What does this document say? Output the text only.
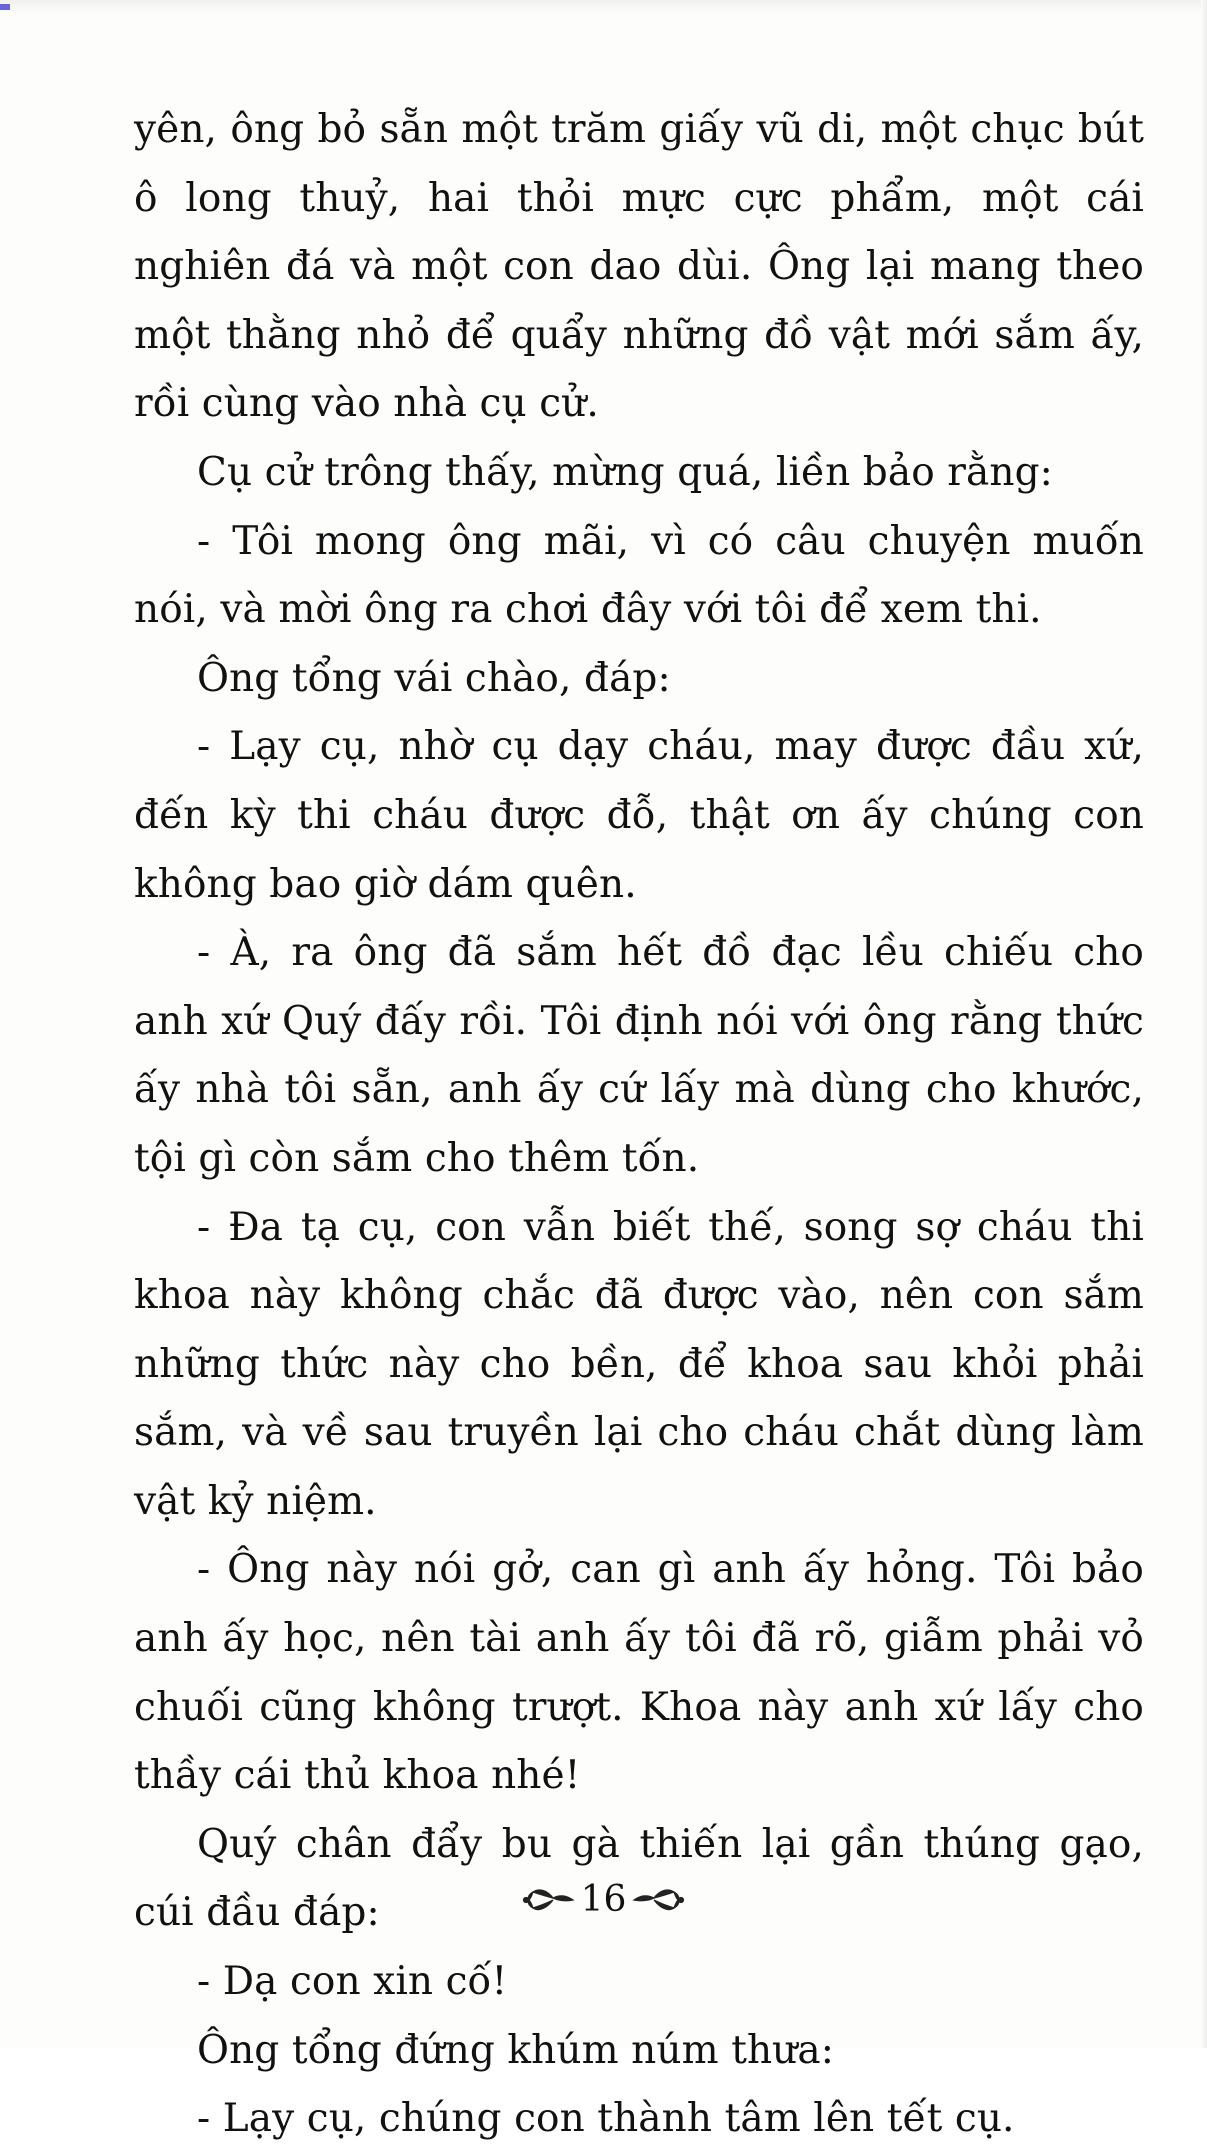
yên, ông bỏ sẵn một trăm giấy vũ di, một chục bút ô long thuỷ, hai thỏi mực cực phẩm, một cái nghiên đá và một con dao dùi. Ông lại mang theo một thằng nhỏ để quẩy những đồ vật mới sắm ấy, rồi cùng vào nhà cụ cử.

Cụ cử trông thấy, mừng quá, liền bảo rằng:

- Tôi mong ông mãi, vì có câu chuyện muốn nói, và mời ông ra chơi đây với tôi để xem thi.

Ông tổng vái chào, đáp:

- Lạy cụ, nhờ cụ dạy cháu, may được đầu xứ, đến kỳ thi cháu được đỗ, thật ơn ấy chúng con không bao giờ dám quên.

- À, ra ông đã sắm hết đồ đạc lều chiếu cho anh xứ Quý đấy rồi. Tôi định nói với ông rằng thức ấy nhà tôi sẵn, anh ấy cứ lấy mà dùng cho khước, tội gì còn sắm cho thêm tốn.

- Đa tạ cụ, con vẫn biết thế, song sợ cháu thi khoa này không chắc đã được vào, nên con sắm những thức này cho bền, để khoa sau khỏi phải sắm, và về sau truyền lại cho cháu chắt dùng làm vật kỷ niệm.

- Ông này nói gở, can gì anh ấy hỏng. Tôi bảo anh ấy học, nên tài anh ấy tôi đã rõ, giẫm phải vỏ chuối cũng không trượt. Khoa này anh xứ lấy cho thầy cái thủ khoa nhé!

Quý chân đẩy bu gà thiến lại gần thúng gạo, cúi đầu đáp:

- Dạ con xin cố!

Ông tổng đứng khúm núm thưa:

- Lạy cụ, chúng con thành tâm lên tết cụ.

16
